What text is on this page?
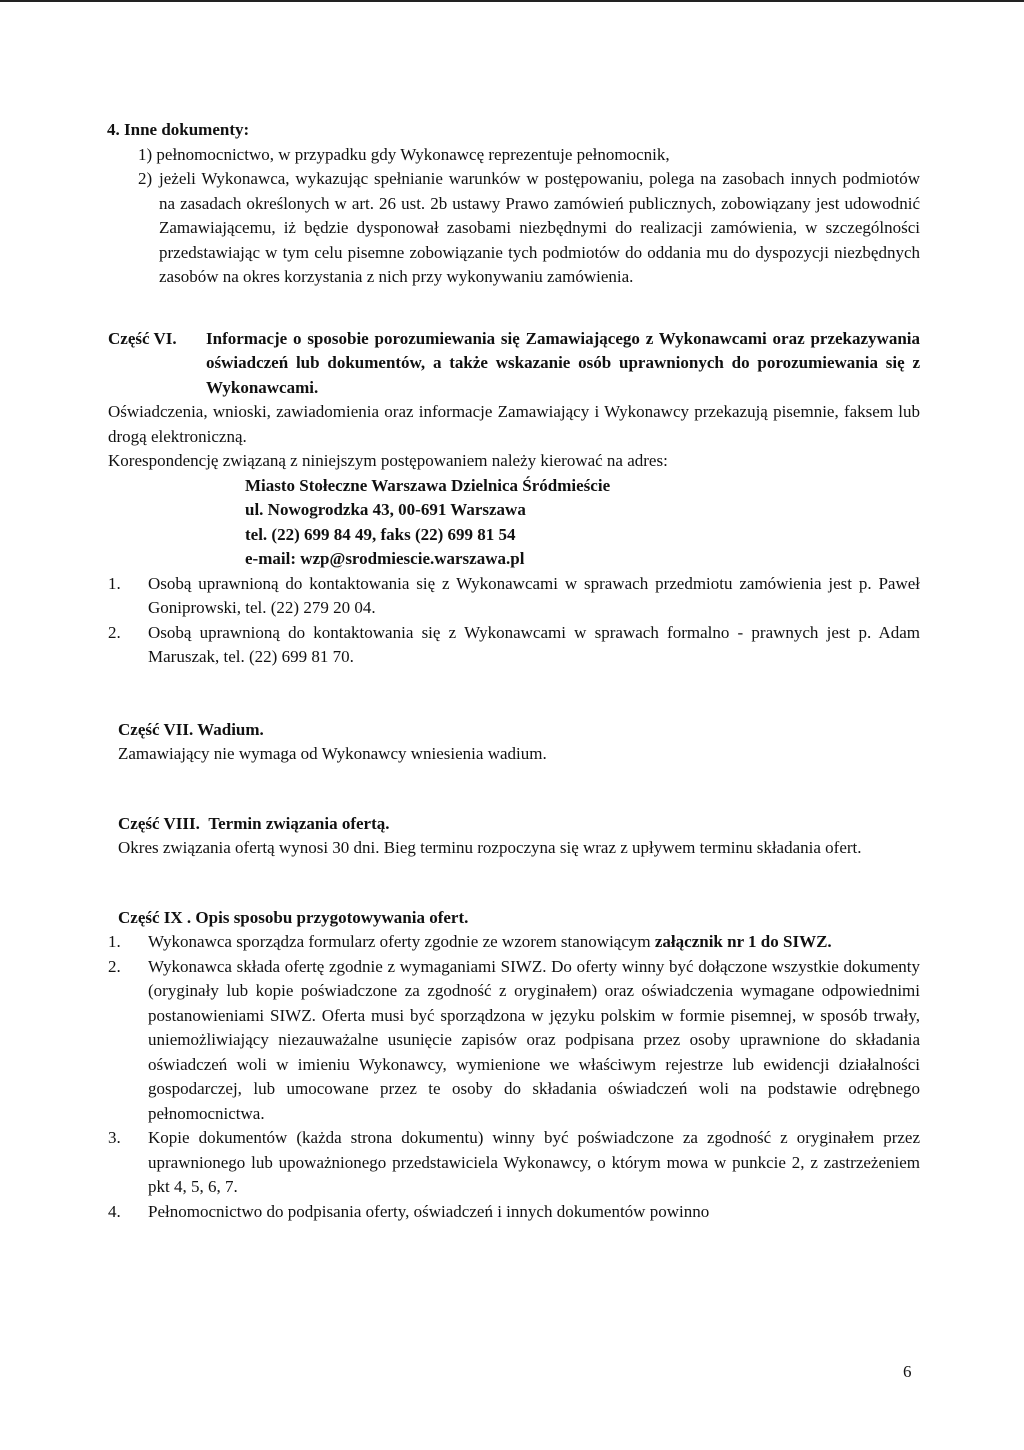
4. Inne dokumenty:
1) pełnomocnictwo, w przypadku gdy Wykonawcę reprezentuje pełnomocnik,
2) jeżeli Wykonawca, wykazując spełnianie warunków w postępowaniu, polega na zasobach innych podmiotów na zasadach określonych w art. 26 ust. 2b ustawy Prawo zamówień publicznych, zobowiązany jest udowodnić Zamawiającemu, iż będzie dysponował zasobami niezbędnymi do realizacji zamówienia, w szczególności przedstawiając w tym celu pisemne zobowiązanie tych podmiotów do oddania mu do dyspozycji niezbędnych zasobów na okres korzystania z nich przy wykonywaniu zamówienia.
Część VI.	Informacje o sposobie porozumiewania się Zamawiającego z Wykonawcami oraz przekazywania oświadczeń lub dokumentów, a także wskazanie osób uprawnionych do porozumiewania się z Wykonawcami.
Oświadczenia, wnioski, zawiadomienia oraz informacje Zamawiający i Wykonawcy przekazują pisemnie, faksem lub drogą elektroniczną.
Korespondencję związaną z niniejszym postępowaniem należy kierować na adres:
Miasto Stołeczne Warszawa Dzielnica Śródmieście
ul. Nowogrodzka 43, 00-691 Warszawa
tel. (22) 699 84 49, faks (22) 699 81 54
e-mail: wzp@srodmiescie.warszawa.pl
1.	Osobą uprawnioną do kontaktowania się z Wykonawcami w sprawach przedmiotu zamówienia jest p. Paweł Goniprowski, tel. (22) 279 20 04.
2.	Osobą uprawnioną do kontaktowania się z Wykonawcami w sprawach formalno - prawnych jest p. Adam Maruszak, tel. (22) 699 81 70.
Część VII. Wadium.
Zamawiający nie wymaga od Wykonawcy wniesienia wadium.
Część VIII. Termin związania ofertą.
Okres związania ofertą wynosi 30 dni. Bieg terminu rozpoczyna się wraz z upływem terminu składania ofert.
Część IX . Opis sposobu przygotowywania ofert.
1.	Wykonawca sporządza formularz oferty zgodnie ze wzorem stanowiącym załącznik nr 1 do SIWZ.
2.	Wykonawca składa ofertę zgodnie z wymaganiami SIWZ. Do oferty winny być dołączone wszystkie dokumenty (oryginały lub kopie poświadczone za zgodność z oryginałem) oraz oświadczenia wymagane odpowiednimi postanowieniami SIWZ. Oferta musi być sporządzona w języku polskim w formie pisemnej, w sposób trwały, uniemożliwiający niezauważalne usunięcie zapisów oraz podpisana przez osoby uprawnione do składania oświadczeń woli w imieniu Wykonawcy, wymienione we właściwym rejestrze lub ewidencji działalności gospodarczej, lub umocowane przez te osoby do składania oświadczeń woli na podstawie odrębnego pełnomocnictwa.
3.	Kopie dokumentów (każda strona dokumentu) winny być poświadczone za zgodność z oryginałem przez uprawnionego lub upoważnionego przedstawiciela Wykonawcy, o którym mowa w punkcie 2, z zastrzeżeniem pkt 4, 5, 6, 7.
4.	Pełnomocnictwo do podpisania oferty, oświadczeń i innych dokumentów powinno
6
